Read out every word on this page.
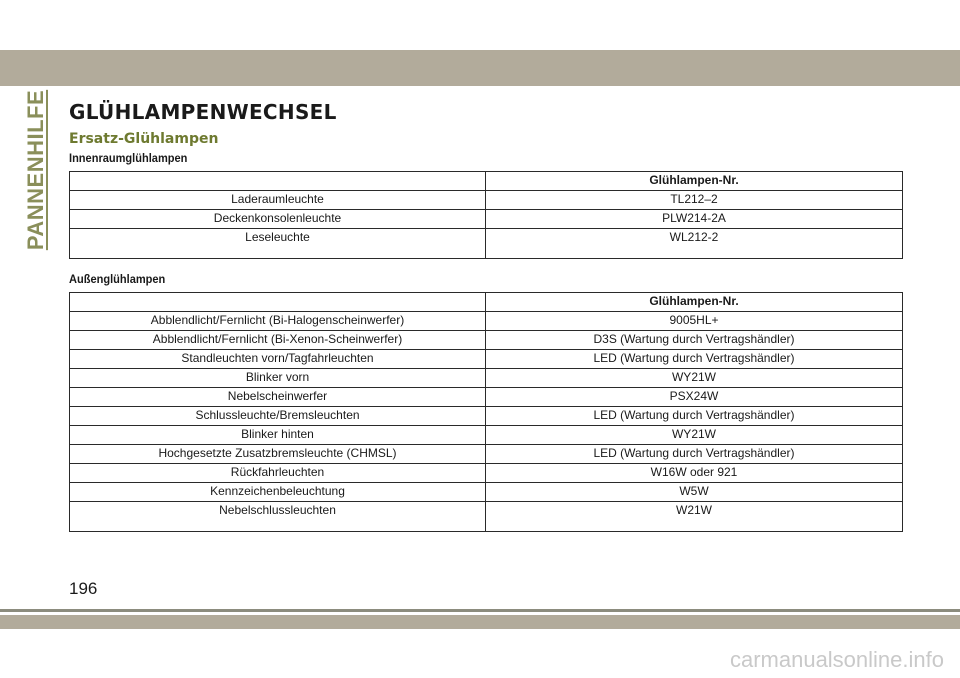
PANNENHILFE GLÜHLAMPENWECHSEL
Ersatz-Glühlampen
Innenraumglühlampen
	Glühlampen-Nr.
Laderaumleuchte	TL212–2
Deckenkonsolenleuchte	PLW214-2A
Leseleuchte	WL212-2
Außenglühlampen
	Glühlampen-Nr.
Abblendlicht/Fernlicht (Bi-Halogenscheinwerfer)	9005HL+
Abblendlicht/Fernlicht (Bi-Xenon-Scheinwerfer)	D3S (Wartung durch Vertragshändler)
Standleuchten vorn/Tagfahrleuchten	LED (Wartung durch Vertragshändler)
Blinker vorn	WY21W
Nebelscheinwerfer	PSX24W
Schlussleuchte/Bremsleuchten	LED (Wartung durch Vertragshändler)
Blinker hinten	WY21W
Hochgesetzte Zusatzbremsleuchte (CHMSL)	LED (Wartung durch Vertragshändler)
Rückfahrleuchten	W16W oder 921
Kennzeichenbeleuchtung	W5W
Nebelschlussleuchten	W21W
196
carmanualsonline.info
